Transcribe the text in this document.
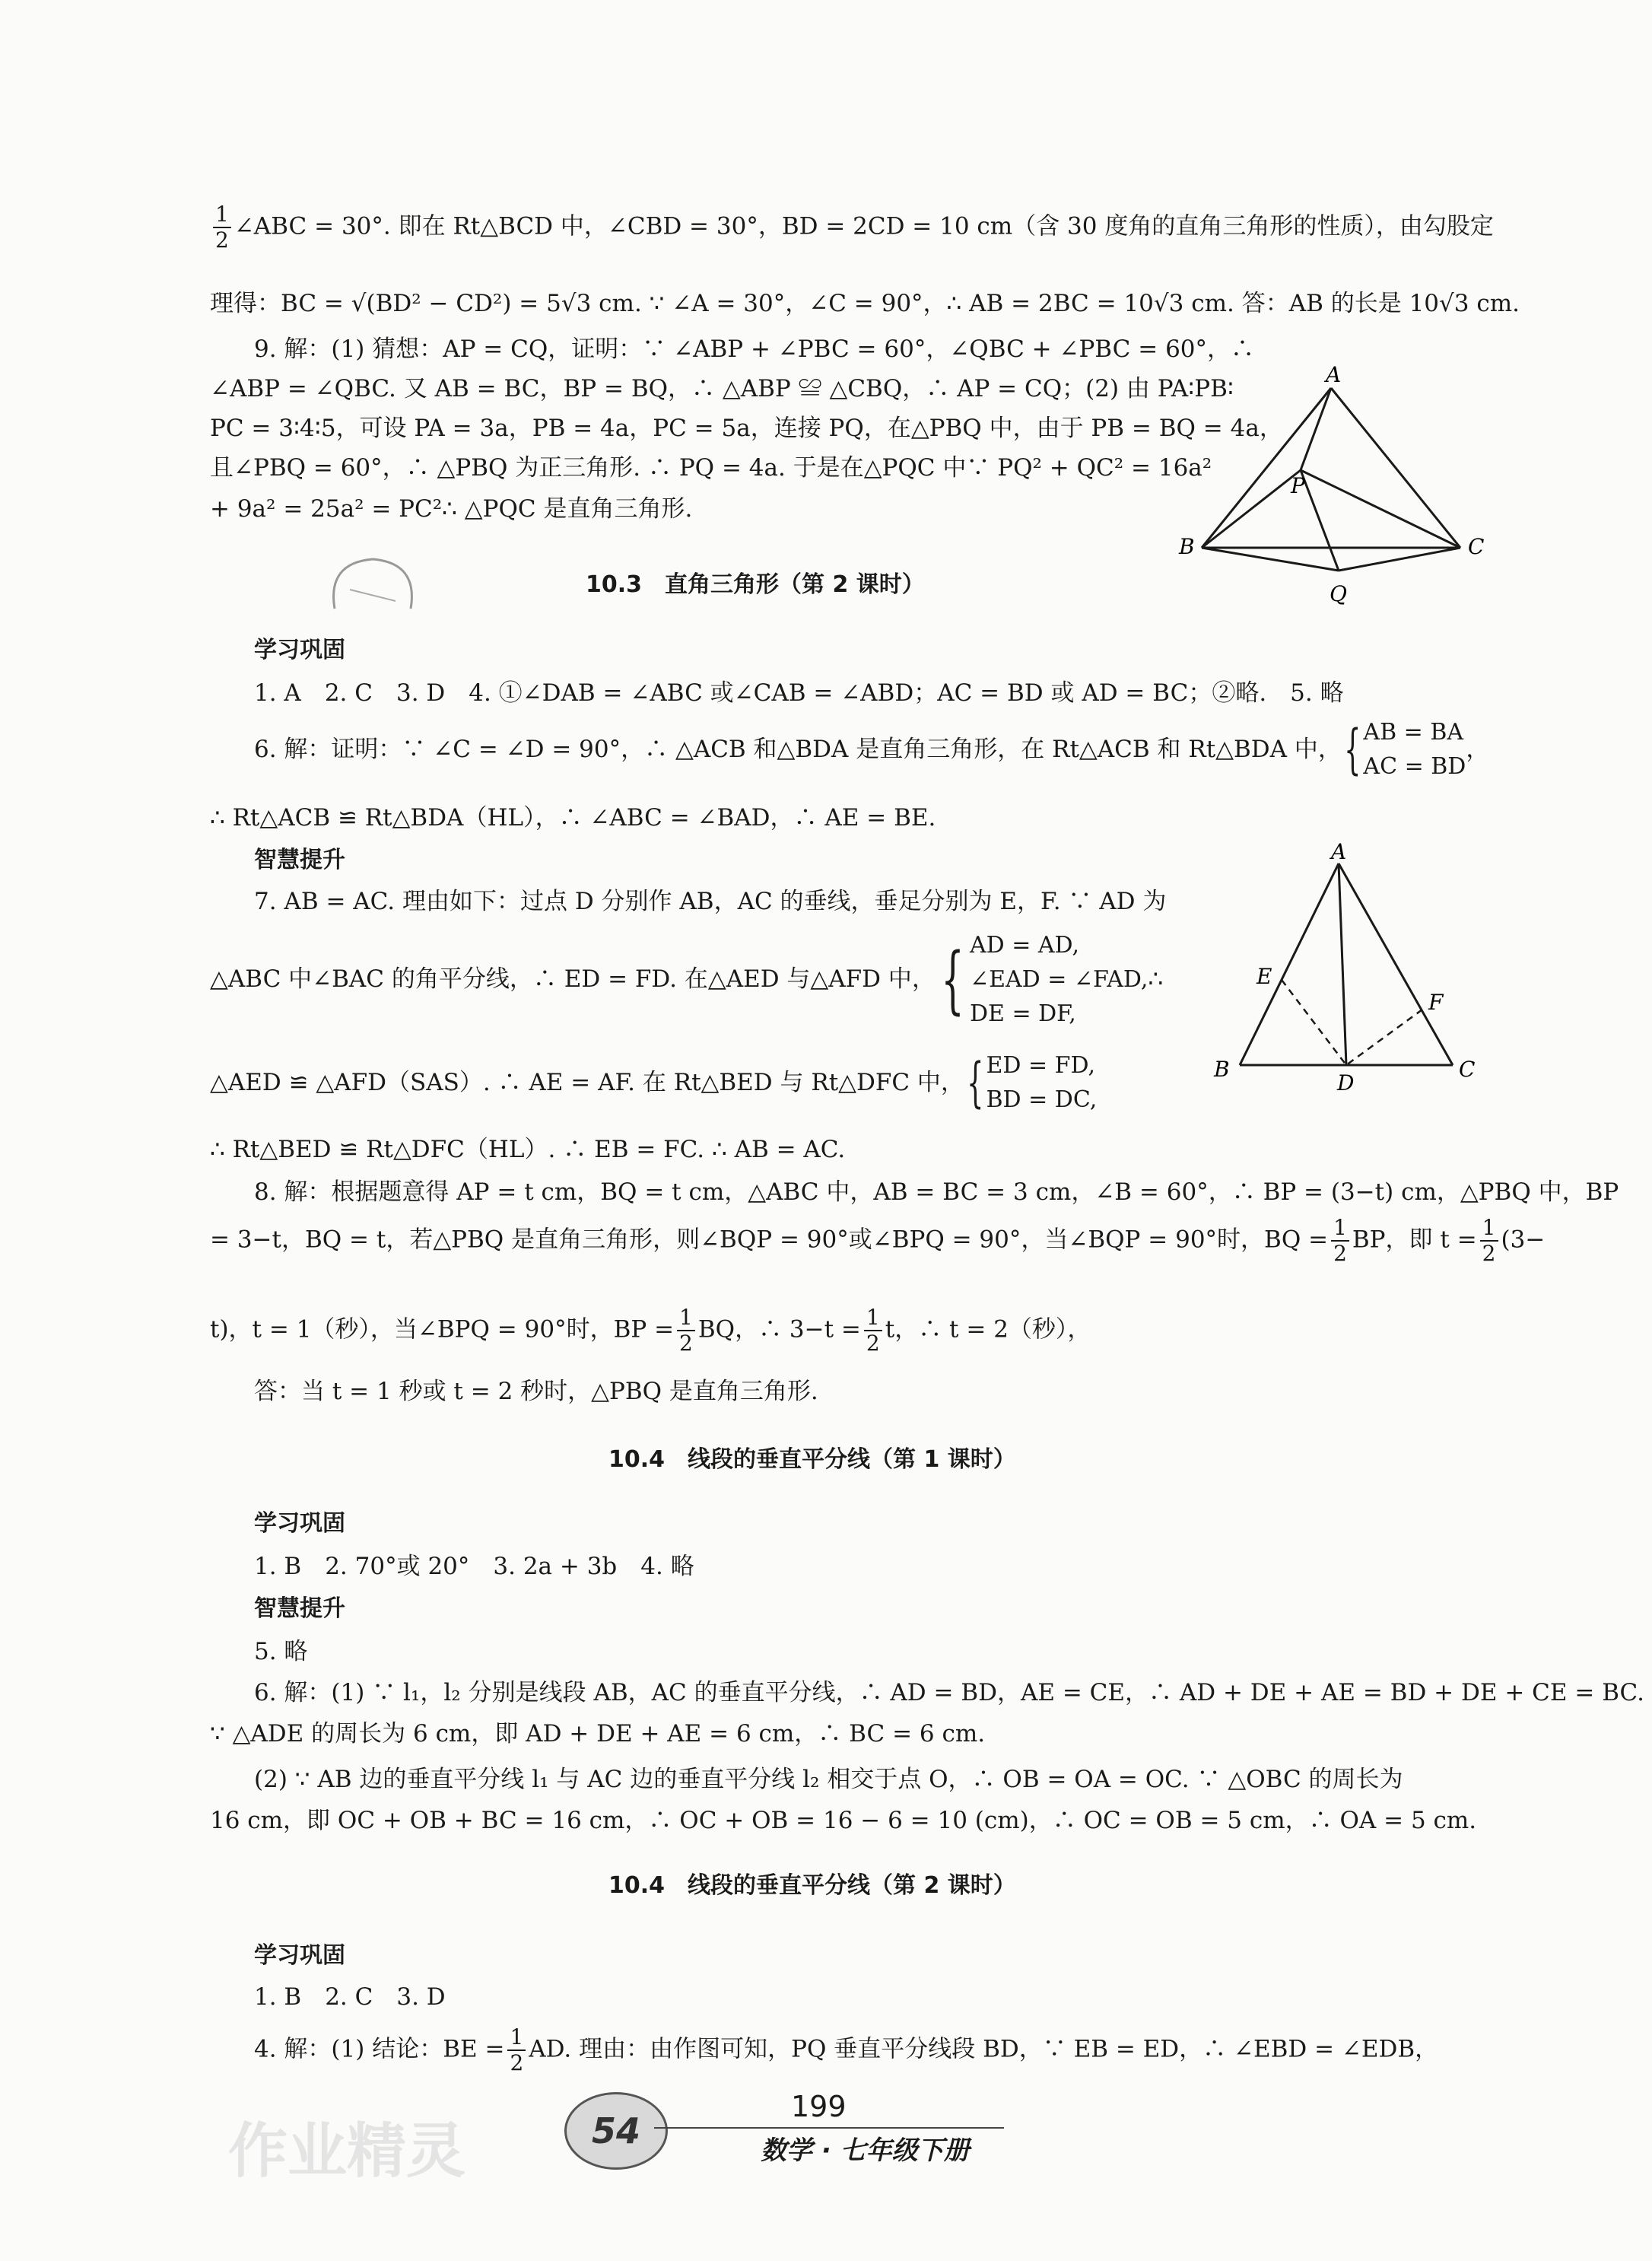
$\frac{1}{2}$ ∠ABC = 30°. 即在 Rt△BCD 中，∠CBD = 30°，BD = 2CD = 10 cm（含 30 度角的直角三角形的性质），由勾股定
理得：BC = √(BD² − CD²) = 5√3 cm. ∵ ∠A = 30°，∠C = 90°，∴ AB = 2BC = 10√3 cm. 答：AB 的长是 10√3 cm.
9. 解：(1) 猜想：AP = CQ，证明：∵ ∠ABP + ∠PBC = 60°，∠QBC + ∠PBC = 60°，∴
∠ABP = ∠QBC. 又 AB = BC，BP = BQ，∴ △ABP ≌ △CBQ，∴ AP = CQ；(2) 由 PA∶PB∶
PC = 3∶4∶5，可设 PA = 3a，PB = 4a，PC = 5a，连接 PQ，在△PBQ 中，由于 PB = BQ = 4a，
且∠PBQ = 60°，∴ △PBQ 为正三角形. ∴ PQ = 4a. 于是在△PQC 中∵ PQ² + QC² = 16a²
+ 9a² = 25a² = PC²∴ △PQC 是直角三角形.
A
P
B	C
Q
10.3　直角三角形（第 2 课时）
学习巩固
1. A　2. C　3. D　4. ①∠DAB = ∠ABC 或∠CAB = ∠ABD；AC = BD 或 AD = BC；②略.　5. 略
6. 解：证明：∵ ∠C = ∠D = 90°，∴ △ACB 和△BDA 是直角三角形，在 Rt△ACB 和 Rt△BDA 中， { AB = BA
AC = BD
，
∴ Rt△ACB ≌ Rt△BDA（HL），∴ ∠ABC = ∠BAD，∴ AE = BE.
智慧提升
7. AB = AC. 理由如下：过点 D 分别作 AB，AC 的垂线，垂足分别为 E，F. ∵ AD 为
△ABC 中∠BAC 的角平分线，∴ ED = FD. 在△AED 与△AFD 中， { AD = AD,
∠EAD = ∠FAD,
DE = DF,
∴
△AED ≌ △AFD（SAS）. ∴ AE = AF. 在 Rt△BED 与 Rt△DFC 中， { ED = FD,
BD = DC,
∴ Rt△BED ≌ Rt△DFC（HL）. ∴ EB = FC. ∴ AB = AC.
A
E
F
B
D
C
8. 解：根据题意得 AP = t cm，BQ = t cm，△ABC 中，AB = BC = 3 cm，∠B = 60°，∴ BP = (3−t) cm，△PBQ 中，BP
= 3−t，BQ = t，若△PBQ 是直角三角形，则∠BQP = 90°或∠BPQ = 90°，当∠BQP = 90°时，BQ = $\frac{1}{2}$ BP，即 $t = \frac{1}{2} (3-$
t)，t = 1（秒），当∠BPQ = 90°时，BP = $\frac{1}{2}$ BQ，∴ $3-t = \frac{1}{2}$ t，∴ t = 2（秒），
答：当 t = 1 秒或 t = 2 秒时，△PBQ 是直角三角形.
10.4　线段的垂直平分线（第 1 课时）
学习巩固
1. B　2. 70°或 20°　3. 2a + 3b　4. 略
智慧提升
5. 略
6. 解：(1) ∵ l₁，l₂ 分别是线段 AB，AC 的垂直平分线，∴ AD = BD，AE = CE，∴ AD + DE + AE = BD + DE + CE = BC.
∵ △ADE 的周长为 6 cm，即 AD + DE + AE = 6 cm，∴ BC = 6 cm.
(2) ∵ AB 边的垂直平分线 l₁ 与 AC 边的垂直平分线 l₂ 相交于点 O，∴ OB = OA = OC. ∵ △OBC 的周长为
16 cm，即 OC + OB + BC = 16 cm，∴ OC + OB = 16 − 6 = 10 (cm)，∴ OC = OB = 5 cm，∴ OA = 5 cm.
10.4　线段的垂直平分线（第 2 课时）
学习巩固
1. B　2. C　3. D
4. 解：(1) 结论：BE = $\frac{1}{2}$ AD. 理由：由作图可知，PQ 垂直平分线段 BD，∵ EB = ED，∴ ∠EBD = ∠EDB，
作业精灵	54
199
数学 · 七年级下册
